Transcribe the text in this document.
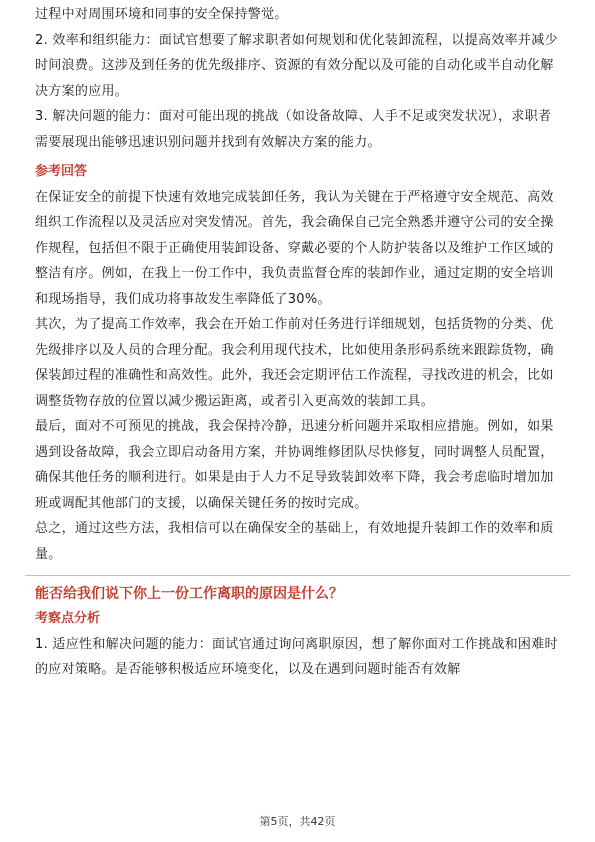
过程中对周围环境和同事的安全保持警觉。

2. 效率和组织能力：面试官想要了解求职者如何规划和优化装卸流程，以提高效率并减少时间浪费。这涉及到任务的优先级排序、资源的有效分配以及可能的自动化或半自动化解决方案的应用。

3. 解决问题的能力：面对可能出现的挑战（如设备故障、人手不足或突发状况），求职者需要展现出能够迅速识别问题并找到有效解决方案的能力。

参考回答

在保证安全的前提下快速有效地完成装卸任务，我认为关键在于严格遵守安全规范、高效组织工作流程以及灵活应对突发情况。首先，我会确保自己完全熟悉并遵守公司的安全操作规程，包括但不限于正确使用装卸设备、穿戴必要的个人防护装备以及维护工作区域的整洁有序。例如，在我上一份工作中，我负责监督仓库的装卸作业，通过定期的安全培训和现场指导，我们成功将事故发生率降低了30%。

其次，为了提高工作效率，我会在开始工作前对任务进行详细规划，包括货物的分类、优先级排序以及人员的合理分配。我会利用现代技术，比如使用条形码系统来跟踪货物，确保装卸过程的准确性和高效性。此外，我还会定期评估工作流程，寻找改进的机会，比如调整货物存放的位置以减少搬运距离，或者引入更高效的装卸工具。

最后，面对不可预见的挑战，我会保持冷静，迅速分析问题并采取相应措施。例如，如果遇到设备故障，我会立即启动备用方案，并协调维修团队尽快修复，同时调整人员配置，确保其他任务的顺利进行。如果是由于人力不足导致装卸效率下降，我会考虑临时增加加班或调配其他部门的支援，以确保关键任务的按时完成。

总之，通过这些方法，我相信可以在确保安全的基础上，有效地提升装卸工作的效率和质量。

能否给我们说下你上一份工作离职的原因是什么？
考察点分析

1. 适应性和解决问题的能力：面试官通过询问离职原因，想了解你面对工作挑战和困难时的应对策略。是否能够积极适应环境变化，以及在遇到问题时能否有效解

第5页，共42页
